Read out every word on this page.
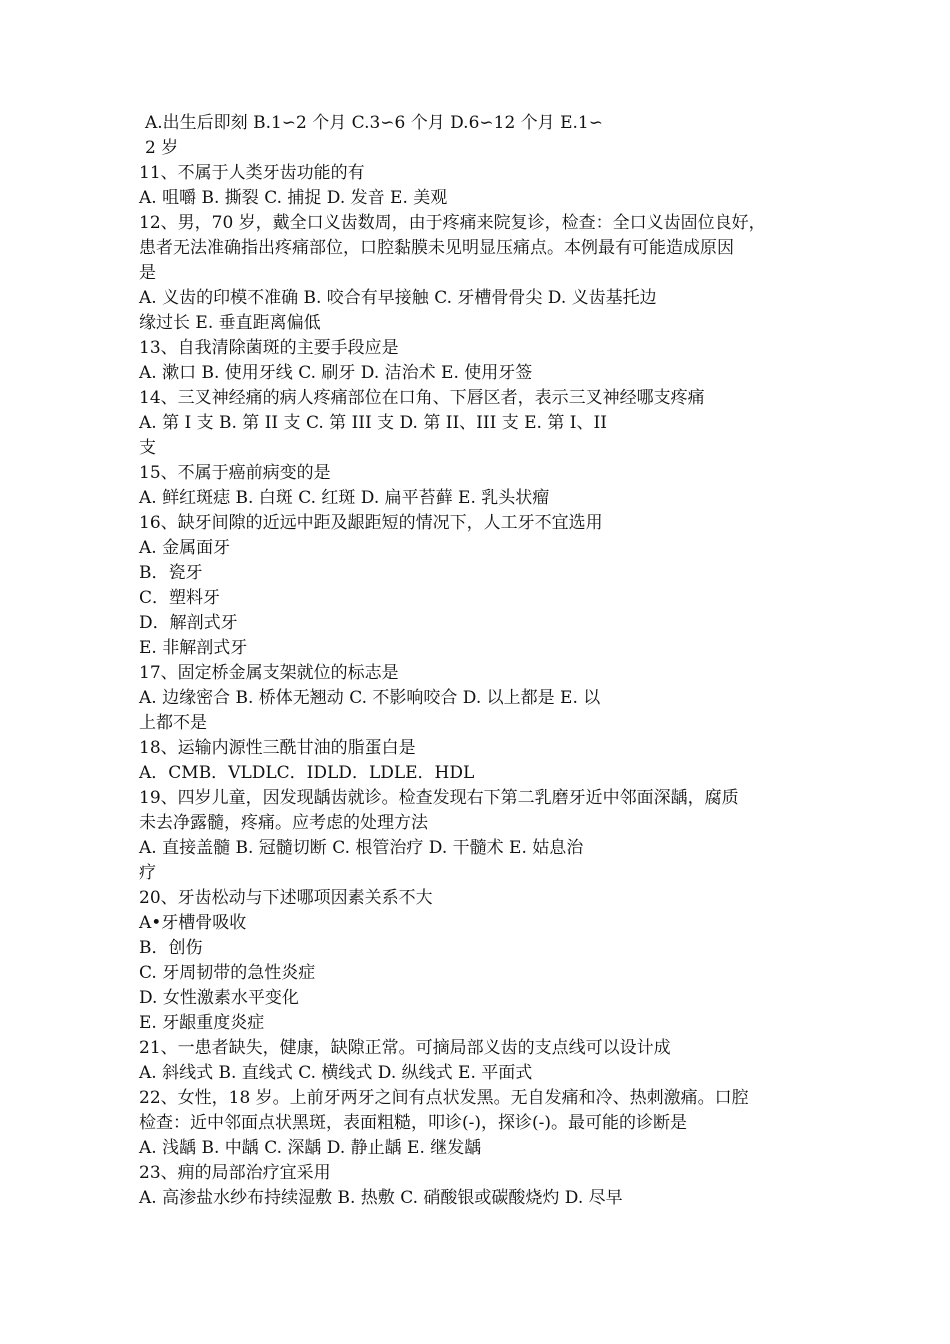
A.出生后即刻 B.1∽2 个月 C.3∽6 个月 D.6∽12 个月 E.1∽
2 岁
11、不属于人类牙齿功能的有
A. 咀嚼 B. 撕裂 C. 捕捉 D. 发音 E. 美观
12、男，70 岁，戴全口义齿数周，由于疼痛来院复诊，检查：全口义齿固位良好，
患者无法准确指出疼痛部位，口腔黏膜未见明显压痛点。本例最有可能造成原因
是
A. 义齿的印模不准确 B. 咬合有早接触 C. 牙槽骨骨尖 D. 义齿基托边
缘过长 E. 垂直距离偏低
13、自我清除菌斑的主要手段应是
A. 漱口 B. 使用牙线 C. 刷牙 D. 洁治术 E. 使用牙签
14、三叉神经痛的病人疼痛部位在口角、下唇区者，表示三叉神经哪支疼痛
A. 第 I 支 B. 第 II 支 C. 第 III 支 D. 第 II、III 支 E. 第 I、II
支
15、不属于癌前病变的是
A. 鲜红斑痣 B. 白斑 C. 红斑 D. 扁平苔藓 E. 乳头状瘤
16、缺牙间隙的近远中距及龈距短的情况下，人工牙不宜选用
A. 金属面牙
B．瓷牙
C．塑料牙
D．解剖式牙
E. 非解剖式牙
17、固定桥金属支架就位的标志是
A. 边缘密合 B. 桥体无翘动 C. 不影响咬合 D. 以上都是 E. 以
上都不是
18、运输内源性三酰甘油的脂蛋白是
A．CMB．VLDLC．IDLD．LDLE．HDL
19、四岁儿童，因发现龋齿就诊。检查发现右下第二乳磨牙近中邻面深龋，腐质
未去净露髓，疼痛。应考虑的处理方法
A. 直接盖髓 B. 冠髓切断 C. 根管治疗 D. 干髓术 E. 姑息治
疗
20、牙齿松动与下述哪项因素关系不大
A•牙槽骨吸收
B．创伤
C. 牙周韧带的急性炎症
D. 女性激素水平变化
E. 牙龈重度炎症
21、一患者缺失，健康，缺隙正常。可摘局部义齿的支点线可以设计成
A. 斜线式 B. 直线式 C. 横线式 D. 纵线式 E. 平面式
22、女性，18 岁。上前牙两牙之间有点状发黑。无自发痛和冷、热刺激痛。口腔
检查：近中邻面点状黑斑，表面粗糙，叩诊(-)，探诊(-)。最可能的诊断是
A. 浅龋 B. 中龋 C. 深龋 D. 静止龋 E. 继发龋
23、痈的局部治疗宜采用
A. 高渗盐水纱布持续湿敷 B. 热敷 C. 硝酸银或碳酸烧灼 D. 尽早
